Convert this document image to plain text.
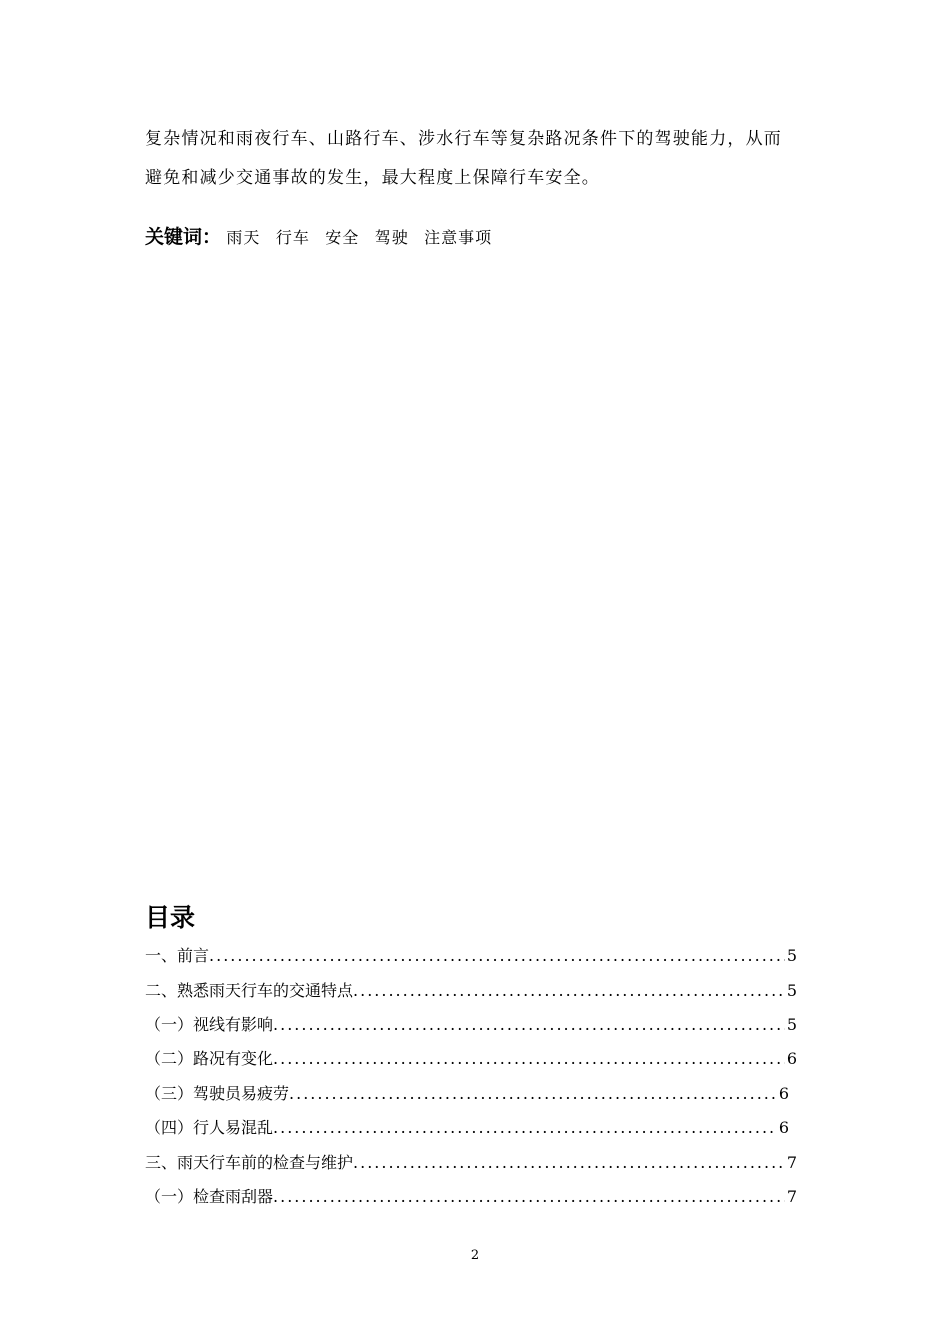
复杂情况和雨夜行车、山路行车、涉水行车等复杂路况条件下的驾驶能力，从而
避免和减少交通事故的发生，最大程度上保障行车安全。
关键词： 雨天 行车 安全 驾驶 注意事项
目录
一、前言 .....	5
二、熟悉雨天行车的交通特点 .....	5
（一）视线有影响 .....	5
（二）路况有变化 .....	6
（三）驾驶员易疲劳 .....	6
（四）行人易混乱 .....	6
三、雨天行车前的检查与维护 .....	7
（一）检查雨刮器 .....	7
2
